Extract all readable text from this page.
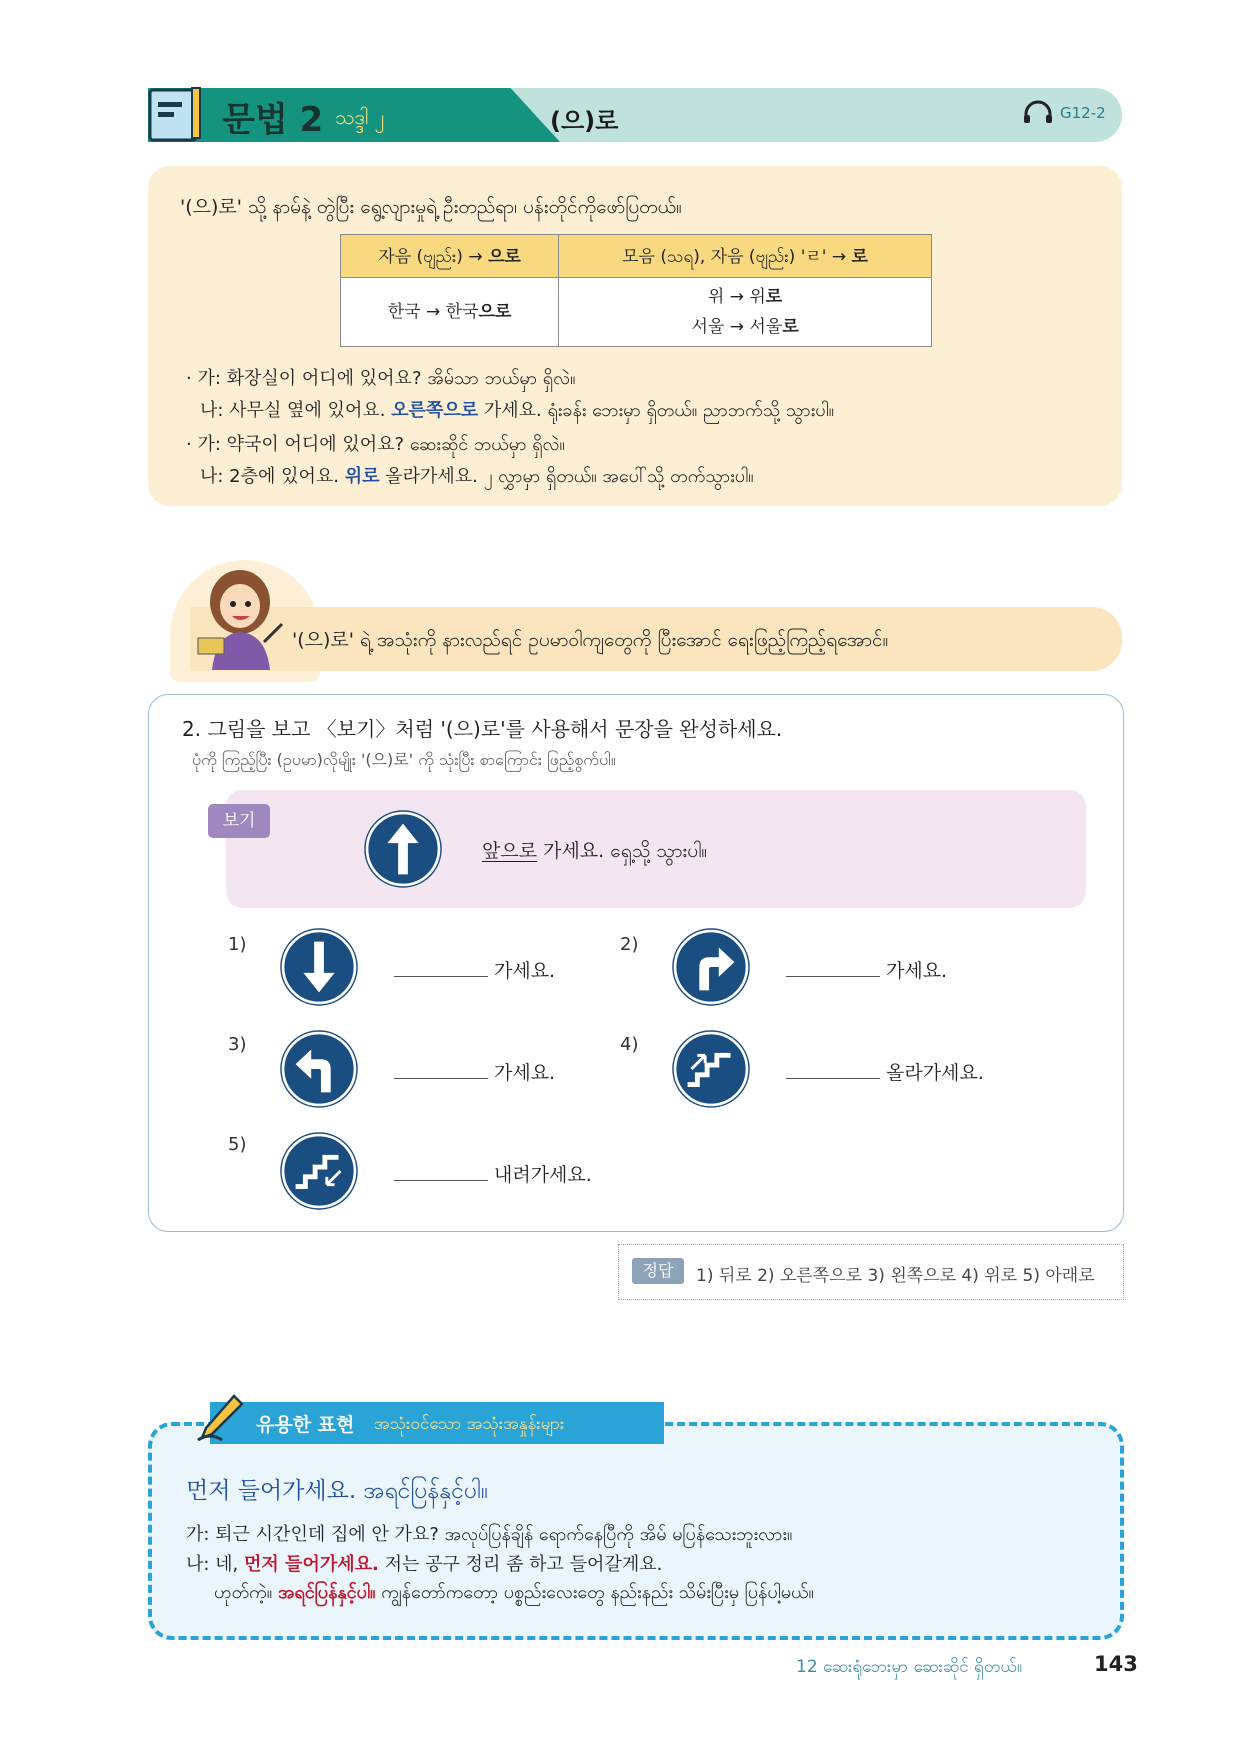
문법 2 သဒ္ဒါ ၂	(으)로	G12-2
'(으)로' သို့ နာမ်နဲ့ တွဲပြီး ရွေ့လျားမှုရဲ့ ဦးတည်ရာ၊ ပန်းတိုင်ကိုဖော်ပြတယ်။
자음 (ဗျည်း) → 으로	모음 (သရ), 자음 (ဗျည်း) 'ㄹ' → 로
한국 → 한국으로	위 → 위로
서울 → 서울로
· 가: 화장실이 어디에 있어요? အိမ်သာ ဘယ်မှာ ရှိလဲ။
나: 사무실 옆에 있어요. 오른쪽으로 가세요. ရုံးခန်း ဘေးမှာ ရှိတယ်။ ညာဘက်သို့ သွားပါ။
· 가: 약국이 어디에 있어요? ဆေးဆိုင် ဘယ်မှာ ရှိလဲ။
나: 2층에 있어요. 위로 올라가세요. ၂ လွှာမှာ ရှိတယ်။ အပေါ်သို့ တက်သွားပါ။
'(으)로' ရဲ့ အသုံးကို နားလည်ရင် ဥပမာဝါကျတွေကို ပြီးအောင် ရေးဖြည့်ကြည့်ရအောင်။
2. 그림을 보고 〈보기〉처럼 '(으)로'를 사용해서 문장을 완성하세요.
ပုံကို ကြည့်ပြီး (ဥပမာ)လိုမျိုး '(으)로' ကို သုံးပြီး စာကြောင်း ဖြည့်စွက်ပါ။
보기
앞으로 가세요. ရှေ့သို့ သွားပါ။
1)
가세요.
2)
가세요.
3)
가세요.
4)
올라가세요.
5)
내려가세요.
정답	1) 뒤로 2) 오른쪽으로 3) 왼쪽으로 4) 위로 5) 아래로
유용한 표현 အသုံးဝင်သော အသုံးအနှုန်းများ
먼저 들어가세요. အရင်ပြန်နှင့်ပါ။
가: 퇴근 시간인데 집에 안 가요? အလုပ်ပြန်ချိန် ရောက်နေပြီကို အိမ် မပြန်သေးဘူးလား။
나: 네, 먼저 들어가세요. 저는 공구 정리 좀 하고 들어갈게요.
ဟုတ်ကဲ့။ အရင်ပြန်နှင့်ပါ။ ကျွန်တော်ကတော့ ပစ္စည်းလေးတွေ နည်းနည်း သိမ်းပြီးမှ ပြန်ပါ့မယ်။
12 ဆေးရုံဘေးမှာ ဆေးဆိုင် ရှိတယ်။	143
